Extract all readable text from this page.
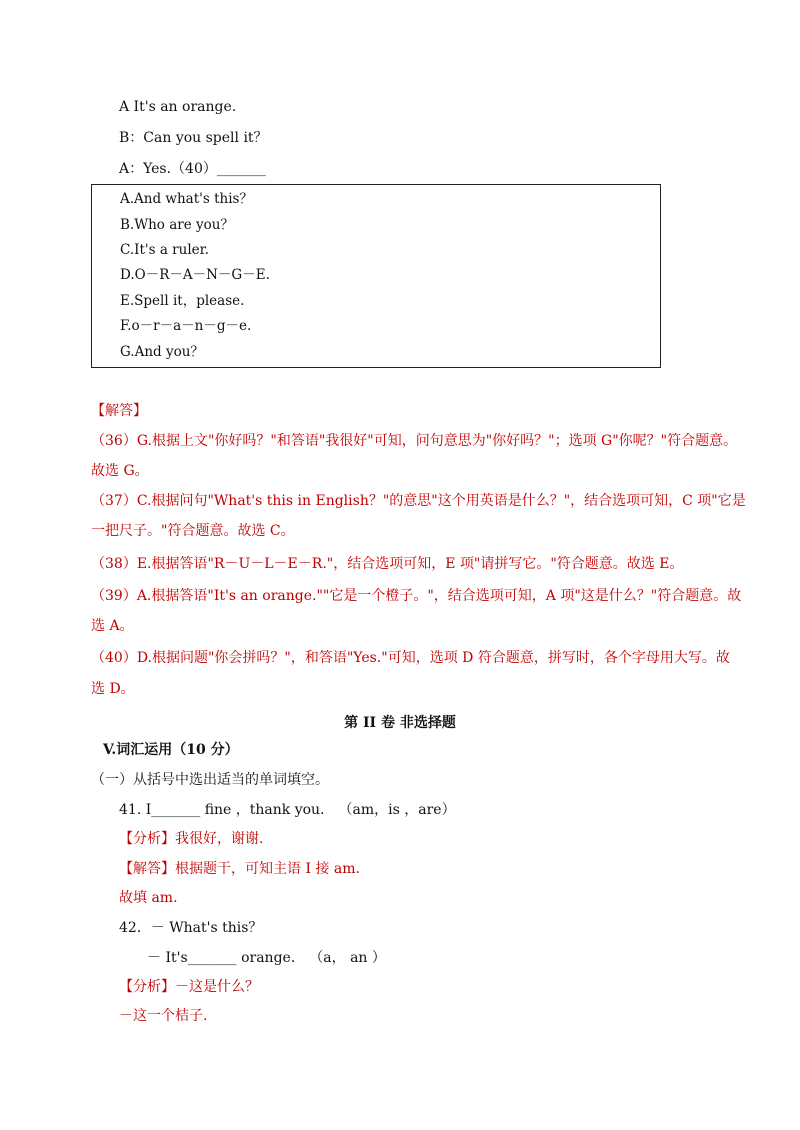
A It's an orange.
B：Can you spell it？
A：Yes.（40）_______
A.And what's this？
B.Who are you？
C.It's a ruler.
D.O－R－A－N－G－E.
E.Spell it，please.
F.o－r－a－n－g－e.
G.And you？
【解答】
（36）G.根据上文"你好吗？"和答语"我很好"可知，问句意思为"你好吗？"；选项 G"你呢？"符合题意。
故选 G。
（37）C.根据问句"What's this in English？"的意思"这个用英语是什么？"，结合选项可知，C 项"它是
一把尺子。"符合题意。故选 C。
（38）E.根据答语"R－U－L－E－R."，结合选项可知，E 项"请拼写它。"符合题意。故选 E。
（39）A.根据答语"It's an orange.""它是一个橙子。"，结合选项可知，A 项"这是什么？"符合题意。故
选 A。
（40）D.根据问题"你会拼吗？"，和答语"Yes."可知，选项 D 符合题意，拼写时，各个字母用大写。故
选 D。
第 II 卷 非选择题
V.词汇运用（10 分）
（一）从括号中选出适当的单词填空。
41. I_______ fine ，thank you． （am，is ，are）
【分析】我很好，谢谢.
【解答】根据题干，可知主语 I 接 am.
故填 am.
42．－ What's this？
－ It's_______ orange． （a， an ）
【分析】－这是什么？
－这一个桔子.
